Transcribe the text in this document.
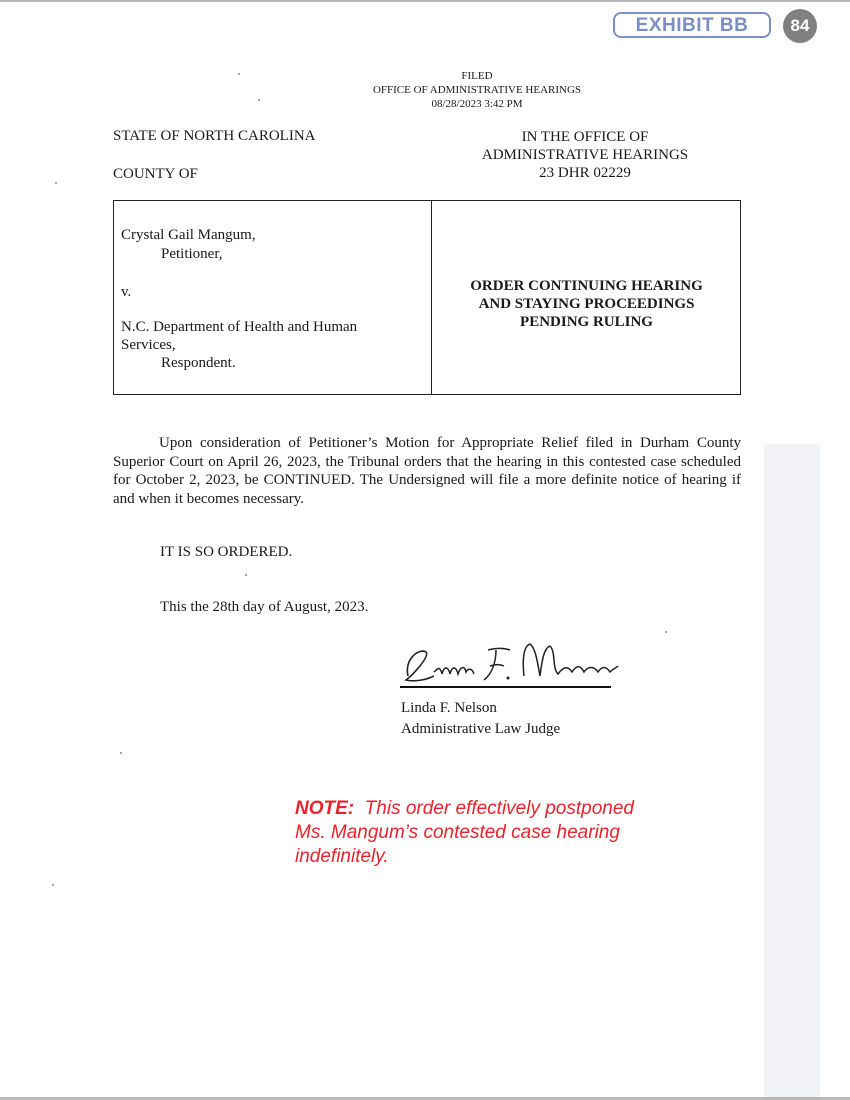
EXHIBIT BB	84
FILED
OFFICE OF ADMINISTRATIVE HEARINGS
08/28/2023 3:42 PM
STATE OF NORTH CAROLINA
COUNTY OF
IN THE OFFICE OF
ADMINISTRATIVE HEARINGS
23 DHR 02229
Crystal Gail Mangum,
Petitioner,
v.
N.C. Department of Health and Human
Services,
Respondent.
ORDER CONTINUING HEARING
AND STAYING PROCEEDINGS
PENDING RULING
Upon consideration of Petitioner’s Motion for Appropriate Relief filed in Durham County Superior Court on April 26, 2023, the Tribunal orders that the hearing in this contested case scheduled for October 2, 2023, be CONTINUED. The Undersigned will file a more definite notice of hearing if and when it becomes necessary.
IT IS SO ORDERED.
This the 28th day of August, 2023.
Linda F. Nelson
Administrative Law Judge
NOTE: This order effectively postponed Ms. Mangum’s contested case hearing indefinitely.
